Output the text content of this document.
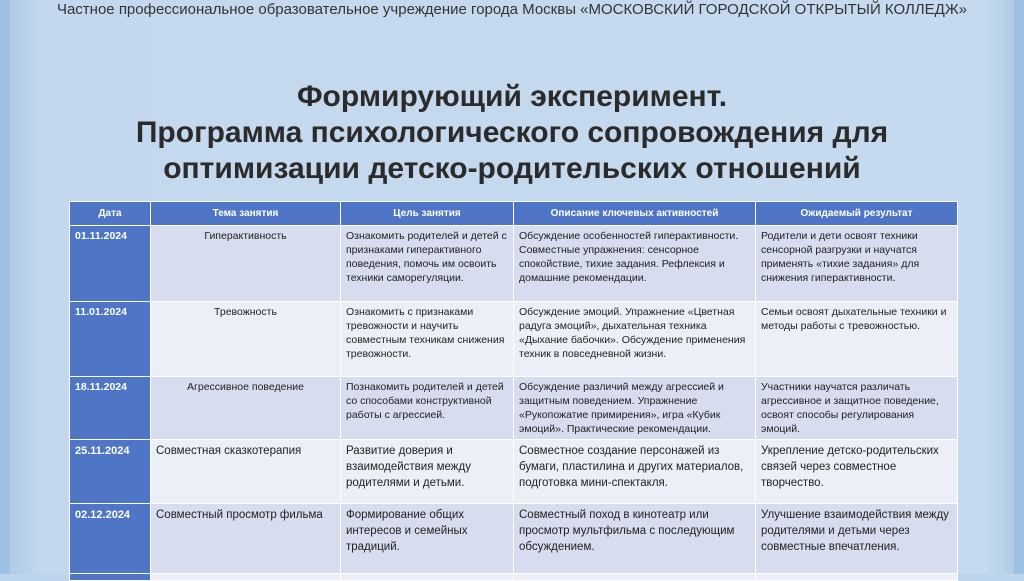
Частное профессиональное образовательное учреждение города Москвы «МОСКОВСКИЙ ГОРОДСКОЙ ОТКРЫТЫЙ КОЛЛЕДЖ»
Формирующий эксперимент.
Программа психологического сопровождения для оптимизации детско-родительских отношений
Дата	Тема занятия	Цель занятия	Описание ключевых активностей	Ожидаемый результат
01.11.2024	Гиперактивность	Ознакомить родителей и детей с признаками гиперактивного поведения, помочь им освоить техники саморегуляции.	Обсуждение особенностей гиперактивности. Совместные упражнения: сенсорное спокойствие, тихие задания. Рефлексия и домашние рекомендации.	Родители и дети освоят техники сенсорной разгрузки и научатся применять «тихие задания» для снижения гиперактивности.
11.01.2024	Тревожность	Ознакомить с признаками тревожности и научить совместным техникам снижения тревожности.	Обсуждение эмоций. Упражнение «Цветная радуга эмоций», дыхательная техника «Дыхание бабочки». Обсуждение применения техник в повседневной жизни.	Семьи освоят дыхательные техники и методы работы с тревожностью.
18.11.2024	Агрессивное поведение	Познакомить родителей и детей со способами конструктивной работы с агрессией.	Обсуждение различий между агрессией и защитным поведением. Упражнение «Рукопожатие примирения», игра «Кубик эмоций». Практические рекомендации.	Участники научатся различать агрессивное и защитное поведение, освоят способы регулирования эмоций.
25.11.2024	Совместная сказкотерапия	Развитие доверия и взаимодействия между родителями и детьми.	Совместное создание персонажей из бумаги, пластилина и других материалов, подготовка мини-спектакля.	Укрепление детско-родительских связей через совместное творчество.
02.12.2024	Совместный просмотр фильма	Формирование общих интересов и семейных традиций.	Совместный поход в кинотеатр или просмотр мультфильма с последующим обсуждением.	Улучшение взаимодействия между родителями и детьми через совместные впечатления.
